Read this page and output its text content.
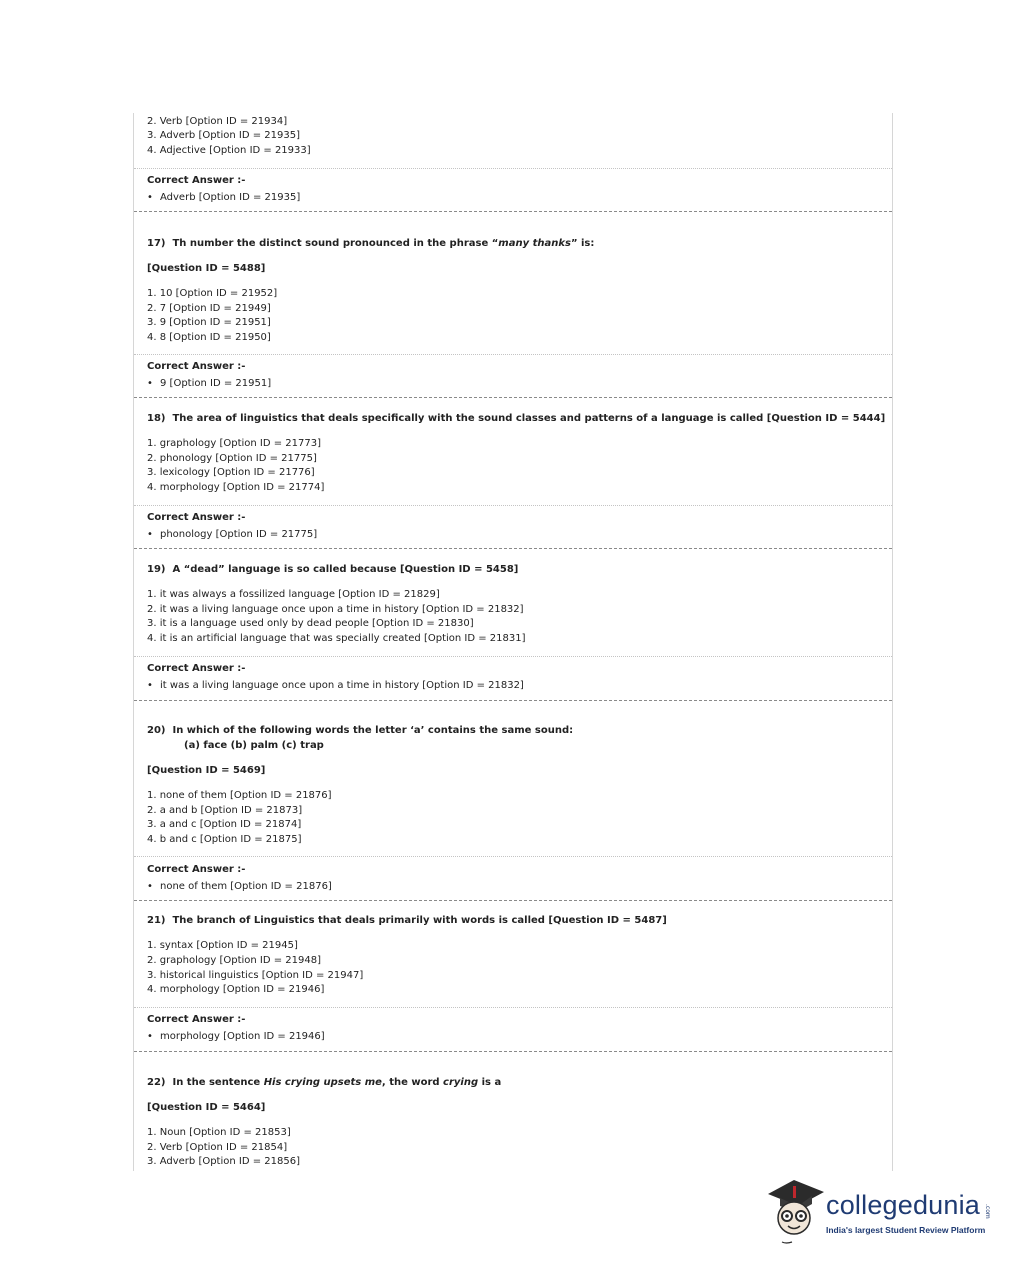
2. Verb [Option ID = 21934]
3. Adverb [Option ID = 21935]
4. Adjective [Option ID = 21933]
Correct Answer :-
• Adverb [Option ID = 21935]
17) Th number the distinct sound pronounced in the phrase “many thanks” is:
[Question ID = 5488]
1. 10 [Option ID = 21952]
2. 7 [Option ID = 21949]
3. 9 [Option ID = 21951]
4. 8 [Option ID = 21950]
Correct Answer :-
• 9 [Option ID = 21951]
18) The area of linguistics that deals specifically with the sound classes and patterns of a language is called [Question ID = 5444]
1. graphology [Option ID = 21773]
2. phonology [Option ID = 21775]
3. lexicology [Option ID = 21776]
4. morphology [Option ID = 21774]
Correct Answer :-
• phonology [Option ID = 21775]
19) A “dead” language is so called because [Question ID = 5458]
1. it was always a fossilized language [Option ID = 21829]
2. it was a living language once upon a time in history [Option ID = 21832]
3. it is a language used only by dead people [Option ID = 21830]
4. it is an artificial language that was specially created [Option ID = 21831]
Correct Answer :-
• it was a living language once upon a time in history [Option ID = 21832]
20) In which of the following words the letter ‘a’ contains the same sound:
(a) face (b) palm (c) trap
[Question ID = 5469]
1. none of them [Option ID = 21876]
2. a and b [Option ID = 21873]
3. a and c [Option ID = 21874]
4. b and c [Option ID = 21875]
Correct Answer :-
• none of them [Option ID = 21876]
21) The branch of Linguistics that deals primarily with words is called [Question ID = 5487]
1. syntax [Option ID = 21945]
2. graphology [Option ID = 21948]
3. historical linguistics [Option ID = 21947]
4. morphology [Option ID = 21946]
Correct Answer :-
• morphology [Option ID = 21946]
22) In the sentence His crying upsets me, the word crying is a
[Question ID = 5464]
1. Noun [Option ID = 21853]
2. Verb [Option ID = 21854]
3. Adverb [Option ID = 21856]
collegedunia .com
India's largest Student Review Platform
